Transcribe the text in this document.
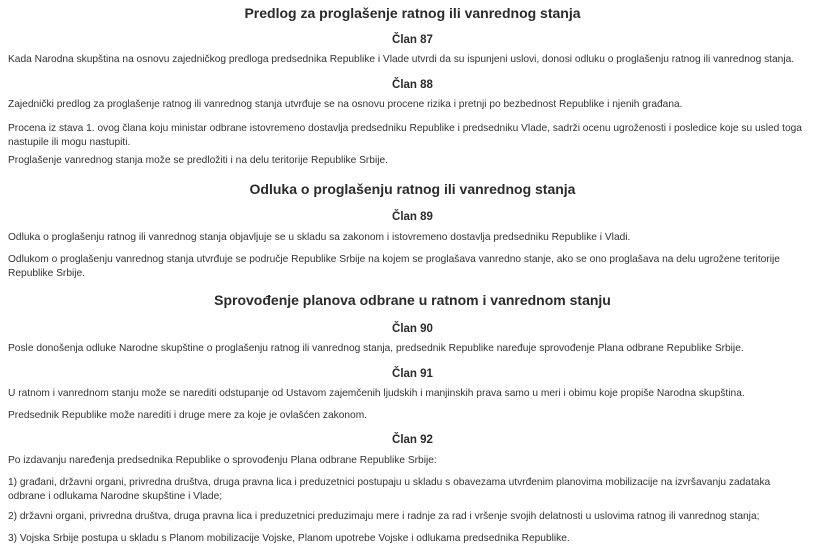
Predlog za proglašenje ratnog ili vanrednog stanja
Član 87

Kada Narodna skupština na osnovu zajedničkog predloga predsednika Republike i Vlade utvrdi da su ispunjeni uslovi, donosi odluku o proglašenju ratnog ili vanrednog stanja.

Član 88

Zajednički predlog za proglašenje ratnog ili vanrednog stanja utvrđuje se na osnovu procene rizika i pretnji po bezbednost Republike i njenih građana.

Procena iz stava 1. ovog člana koju ministar odbrane istovremeno dostavlja predsedniku Republike i predsedniku Vlade, sadrži ocenu ugroženosti i posledice koje su usled toga nastupile ili mogu nastupiti.

Proglašenje vanrednog stanja može se predložiti i na delu teritorije Republike Srbije.

Odluka o proglašenju ratnog ili vanrednog stanja
Član 89

Odluka o proglašenju ratnog ili vanrednog stanja objavljuje se u skladu sa zakonom i istovremeno dostavlja predsedniku Republike i Vladi.

Odlukom o proglašenju vanrednog stanja utvrđuje se područje Republike Srbije na kojem se proglašava vanredno stanje, ako se ono proglašava na delu ugrožene teritorije Republike Srbije.

Sprovođenje planova odbrane u ratnom i vanrednom stanju
Član 90

Posle donošenja odluke Narodne skupštine o proglašenju ratnog ili vanrednog stanja, predsednik Republike naređuje sprovođenje Plana odbrane Republike Srbije.

Član 91

U ratnom i vanrednom stanju može se narediti odstupanje od Ustavom zajemčenih ljudskih i manjinskih prava samo u meri i obimu koje propiše Narodna skupština.

Predsednik Republike može narediti i druge mere za koje je ovlašćen zakonom.

Član 92

Po izdavanju naređenja predsednika Republike o sprovođenju Plana odbrane Republike Srbije:

1) građani, državni organi, privredna društva, druga pravna lica i preduzetnici postupaju u skladu s obavezama utvrđenim planovima mobilizacije na izvršavanju zadataka odbrane i odlukama Narodne skupštine i Vlade;

2) državni organi, privredna društva, druga pravna lica i preduzetnici preduzimaju mere i radnje za rad i vršenje svojih delatnosti u uslovima ratnog ili vanrednog stanja;

3) Vojska Srbije postupa u skladu s Planom mobilizacije Vojske, Planom upotrebe Vojske i odlukama predsednika Republike.
